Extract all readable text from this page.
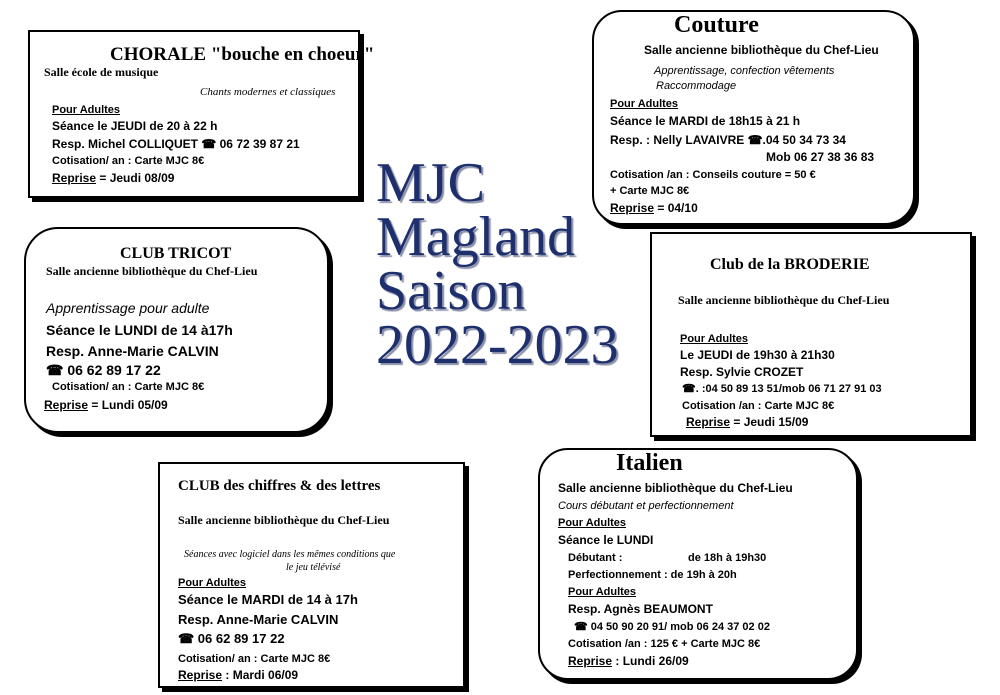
MJC
Magland
Saison
2022-2023
CHORALE "bouche en choeur"
Salle école de musique
Chants modernes et classiques
Pour Adultes
Séance le JEUDI de 20 à 22 h
Resp. Michel COLLIQUET ☎ 06 72 39 87 21
Cotisation/ an : Carte MJC 8€
Reprise = Jeudi 08/09
Couture
Salle ancienne bibliothèque du Chef-Lieu
Apprentissage, confection vêtements
Raccommodage
Pour Adultes
Séance le MARDI de 18h15 à 21 h
Resp. : Nelly LAVAIVRE ☎.04 50 34 73 34
Mob 06 27 38 36 83
Cotisation /an : Conseils couture = 50 €
+ Carte MJC 8€
Reprise = 04/10
CLUB TRICOT
Salle ancienne bibliothèque du Chef-Lieu
Apprentissage pour adulte
Séance le LUNDI de 14 à17h
Resp. Anne-Marie CALVIN
☎ 06 62 89 17 22
Cotisation/ an : Carte MJC 8€
Reprise = Lundi 05/09
Club de la BRODERIE
Salle ancienne bibliothèque du Chef-Lieu
Pour Adultes
Le JEUDI de 19h30 à 21h30
Resp. Sylvie CROZET
☎. :04 50 89 13 51/mob 06 71 27 91 03
Cotisation /an : Carte MJC 8€
Reprise = Jeudi 15/09
CLUB des chiffres & des lettres
Salle ancienne bibliothèque du Chef-Lieu
Séances avec logiciel dans les mêmes conditions que
le jeu télévisé
Pour Adultes
Séance le MARDI de 14 à 17h
Resp. Anne-Marie CALVIN
☎ 06 62 89 17 22
Cotisation/ an : Carte MJC 8€
Reprise : Mardi 06/09
Italien
Salle ancienne bibliothèque du Chef-Lieu
Cours débutant et perfectionnement
Pour Adultes
Séance le LUNDI
Débutant :	de 18h à 19h30
Perfectionnement : de 19h à 20h
Pour Adultes
Resp. Agnès BEAUMONT
☎ 04 50 90 20 91/ mob 06 24 37 02 02
Cotisation /an : 125 € + Carte MJC 8€
Reprise : Lundi 26/09
